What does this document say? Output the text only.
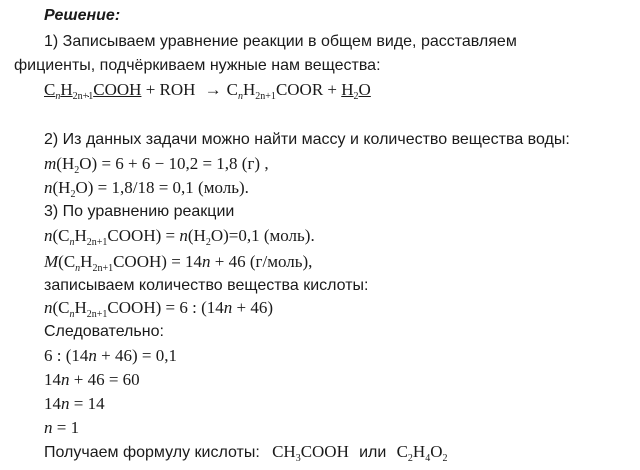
Решение:
1) Записываем уравнение реакции в общем виде, расставляем
фициенты, подчёркиваем нужные нам вещества:
$C_nH_{2n+1}COOH$ + ROH → $C_nH_{2n+1}COOR + H_2O$
2) Из данных задачи можно найти массу и количество вещества воды:
$m(H_2O) = 6 + 6 - 10,2 = 1,8$ (г) ,
$n(H_2O) = 1,8/18 = 0,1$ (моль).
3) По уравнению реакции
$n(C_nH_{2n+1}COOH) = n(H_2O)=0,1$ (моль).
$M(C_nH_{2n+1}COOH) = 14n + 46$ (г/моль),
записываем количество вещества кислоты:
$n(C_nH_{2n+1}COOH) = 6$ : (14n + 46)
Следовательно:
6 : (14n + 46) = 0,1
14n + 46 = 60
14n = 14
n = 1
Получаем формулу кислоты: $CH_3COOH$ или $C_2H_4O_2$
